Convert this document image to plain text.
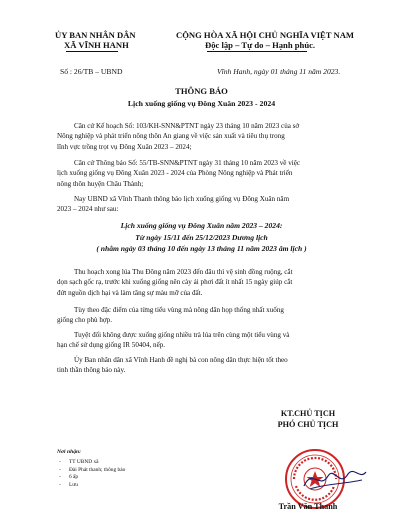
ỦY BAN NHÂN DÂN
XÃ VĨNH HANH
CỘNG HÒA XÃ HỘI CHỦ NGHĨA VIỆT NAM
Độc lập – Tự do – Hạnh phúc.
Số : 26/TB – UBND	Vĩnh Hanh, ngày 01 tháng 11 năm 2023.
THÔNG BÁO
Lịch xuống giống vụ Đông Xuân 2023 - 2024
Căn cứ Kế hoạch Số: 103/KH-SNN&PTNT ngày 23 tháng 10 năm 2023 của sở
Nông nghiệp và phát triển nông thôn An giang về việc sản xuất và tiêu thụ trong
lĩnh vực trồng trọt vụ Đông Xuân 2023 – 2024;
Căn cứ Thông báo Số: 55/TB-SNN&PTNT ngày 31 tháng 10 năm 2023 về việc
lịch xuống giống vụ Đông Xuân 2023 - 2024 của Phòng Nông nghiệp và Phát triển
nông thôn huyện Châu Thành;
Nay UBND xã Vĩnh Thanh thông báo lịch xuống giống vụ Đông Xuân năm
2023 – 2024 như sau:
Lịch xuống giống vụ Đông Xuân năm 2023 – 2024:
Từ ngày 15/11 đến 25/12/2023 Dương lịch
( nhằm ngày 03 tháng 10 đến ngày 13 tháng 11 năm 2023 âm lịch )
Thu hoạch xong lúa Thu Đông năm 2023 đến đâu thì vệ sinh đồng ruộng, cắt
dọn sạch gốc rạ, trước khi xuống giống nên cày ải phơi đất ít nhất 15 ngày giúp cắt
đứt nguồn dịch hại và làm tăng sự màu mỡ của đất.
Tùy theo đặc điểm của từng tiểu vùng mà nông dân họp thống nhất xuống
giống cho phù hợp.
Tuyệt đối không được xuống giống nhiều trà lúa trên cùng một tiểu vùng và
hạn chế sử dụng giống IR 50404, nếp.
Ủy Ban nhân dân xã Vĩnh Hanh đề nghị bà con nông dân thực hiện tốt theo
tinh thần thông báo này.
Nơi nhận:
- TT UBND xã
- Đài Phát thanh; thông báo
- 6 ấp
- Lưu
KT.CHỦ TỊCH
PHÓ CHỦ TỊCH
Trần Văn Thanh
